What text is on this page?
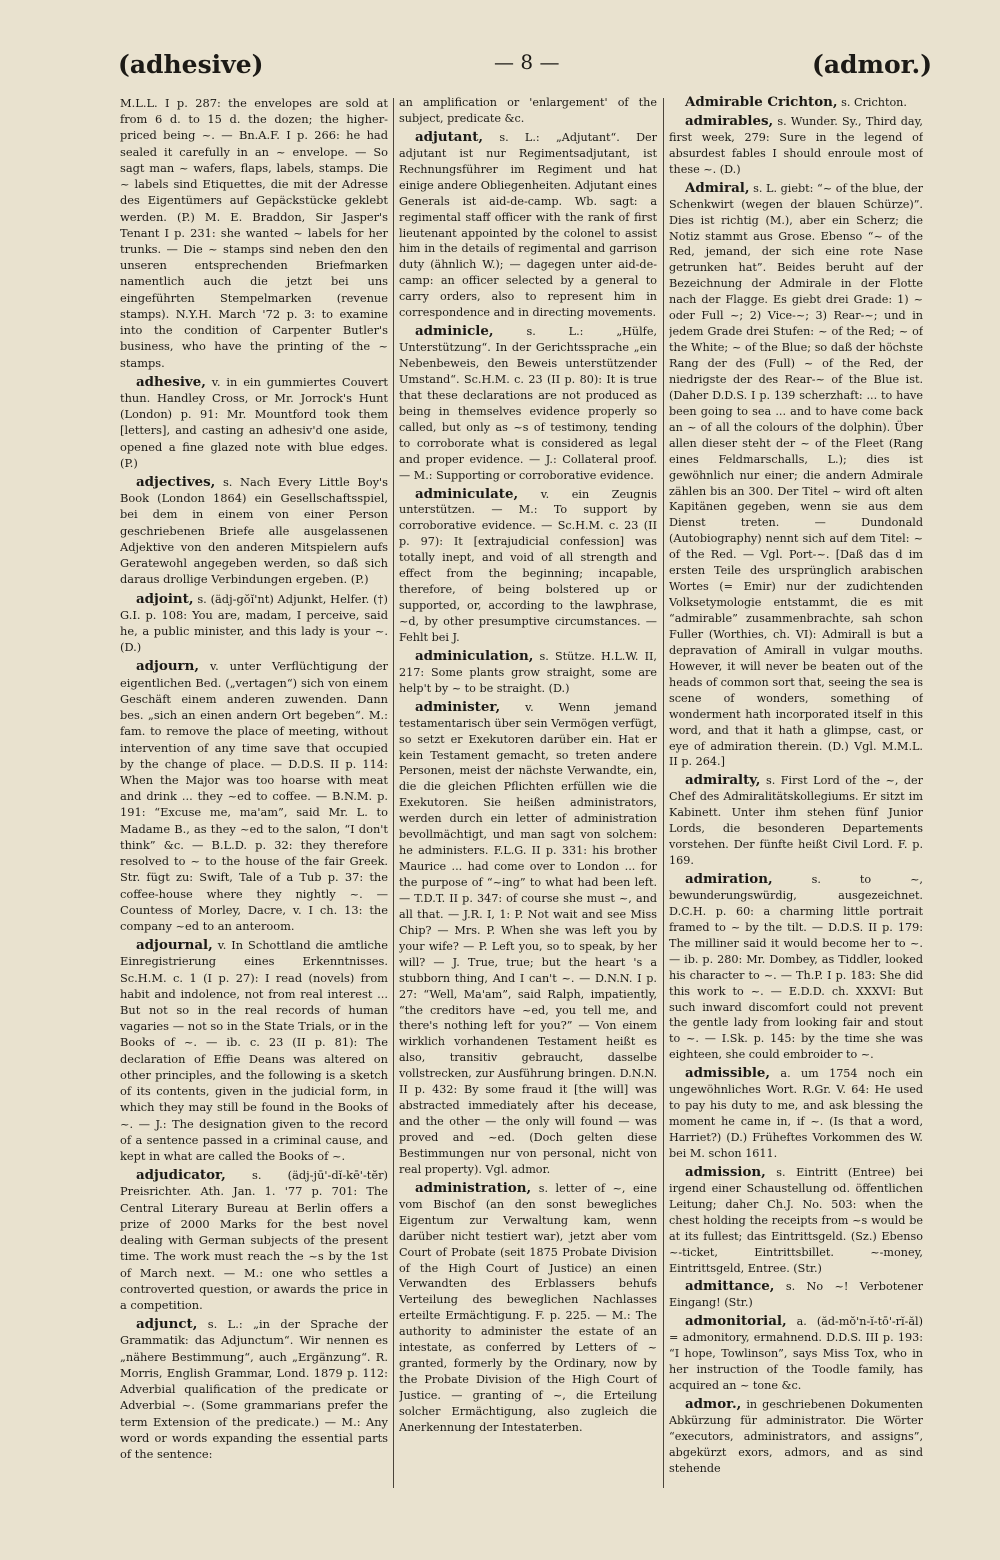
(adhesive)	— 8 —	(admor.)

M.L.L. I p. 287: the envelopes are sold at from 6 d. to 15 d. the dozen; the higher-priced being ~. — Bn.A.F. I p. 266: he had sealed it carefully in an ~ envelope. — So sagt man ~ wafers, flaps, labels, stamps. Die ~ labels sind Etiquettes, die mit der Adresse des Eigentümers auf Gepäckstücke geklebt werden. (P.) M. E. Braddon, Sir Jasper's Tenant I p. 231: she wanted ~ labels for her trunks. — Die ~ stamps sind neben den den unseren entsprechenden Briefmarken namentlich auch die jetzt bei uns eingeführten Stempelmarken (revenue stamps). N.Y.H. March '72 p. 3: to examine into the condition of Carpenter Butler's business, who have the printing of the ~ stamps.

adhesive, v. in ein gummiertes Couvert thun. Handley Cross, or Mr. Jorrock's Hunt (London) p. 91: Mr. Mountford took them [letters], and casting an adhesiv'd one aside, opened a fine glazed note with blue edges. (P.)

adjectives, s. Nach Every Little Boy's Book (London 1864) ein Gesellschaftsspiel, bei dem in einem von einer Person geschriebenen Briefe alle ausgelassenen Adjektive von den anderen Mitspielern aufs Geratewohl angegeben werden, so daß sich daraus drollige Verbindungen ergeben. (P.)

adjoint, s. (ädj-gŏĭ'nt) Adjunkt, Helfer. (†) G.I. p. 108: You are, madam, I perceive, said he, a public minister, and this lady is your ~. (D.)

adjourn, v. unter Verflüchtigung der eigentlichen Bed. („vertagen“) sich von einem Geschäft einem anderen zuwenden. Dann bes. „sich an einen andern Ort begeben“. M.: fam. to remove the place of meeting, without intervention of any time save that occupied by the change of place. — D.D.S. II p. 114: When the Major was too hoarse with meat and drink ... they ~ed to coffee. — B.N.M. p. 191: “Excuse me, ma'am”, said Mr. L. to Madame B., as they ~ed to the salon, “I don't think” &c. — B.L.D. p. 32: they therefore resolved to ~ to the house of the fair Greek. Str. fügt zu: Swift, Tale of a Tub p. 37: the coffee-house where they nightly ~. — Countess of Morley, Dacre, v. I ch. 13: the company ~ed to an anteroom.

adjournal, v. In Schottland die amtliche Einregistrierung eines Erkenntnisses. Sc.H.M. c. 1 (I p. 27): I read (novels) from habit and indolence, not from real interest ... But not so in the real records of human vagaries — not so in the State Trials, or in the Books of ~. — ib. c. 23 (II p. 81): The declaration of Effie Deans was altered on other principles, and the following is a sketch of its contents, given in the judicial form, in which they may still be found in the Books of ~. — J.: The designation given to the record of a sentence passed in a criminal cause, and kept in what are called the Books of ~.

adjudicator, s. (ädj-jū'-dĭ-kē'-tĕr) Preisrichter. Ath. Jan. 1. '77 p. 701: The Central Literary Bureau at Berlin offers a prize of 2000 Marks for the best novel dealing with German subjects of the present time. The work must reach the ~s by the 1st of March next. — M.: one who settles a controverted question, or awards the price in a competition.

adjunct, s. L.: „in der Sprache der Grammatik: das Adjunctum“. Wir nennen es „nähere Bestimmung“, auch „Ergänzung“. R. Morris, English Grammar, Lond. 1879 p. 112: Adverbial qualification of the predicate or Adverbial ~. (Some grammarians prefer the term Extension of the predicate.) — M.: Any word or words expanding the essential parts of the sentence:

an amplification or 'enlargement' of the subject, predicate &c.

adjutant, s. L.: „Adjutant“. Der adjutant ist nur Regimentsadjutant, ist Rechnungsführer im Regiment und hat einige andere Obliegenheiten. Adjutant eines Generals ist aid-de-camp. Wb. sagt: a regimental staff officer with the rank of first lieutenant appointed by the colonel to assist him in the details of regimental and garrison duty (ähnlich W.); — dagegen unter aid-de-camp: an officer selected by a general to carry orders, also to represent him in correspondence and in directing movements.

adminicle,	s. L.: „Hülfe, Unterstützung“. In der Gerichtssprache „ein Nebenbeweis, den Beweis unterstützender Umstand“. Sc.H.M. c. 23 (II p. 80): It is true that these declarations are not produced as being in themselves evidence properly so called, but only as ~s of testimony, tending to corroborate what is considered as legal and proper evidence. — J.: Collateral proof. — M.: Supporting or corroborative evidence.

adminiculate, v. ein Zeugnis unterstützen. — M.: To support by corroborative evidence. — Sc.H.M. c. 23 (II p. 97): It [extrajudicial confession] was totally inept, and void of all strength and effect from the beginning; incapable, therefore, of being bolstered up or supported, or, according to the lawphrase, ~d, by other presumptive circumstances. — Fehlt bei J.

adminiculation, s. Stütze. H.L.W. II, 217: Some plants grow straight, some are help't by ~ to be straight. (D.)

administer, v. Wenn jemand testamentarisch über sein Vermögen verfügt, so setzt er Exekutoren darüber ein. Hat er kein Testament gemacht, so treten andere Personen, meist der nächste Verwandte, ein, die die gleichen Pflichten erfüllen wie die Exekutoren. Sie heißen administrators, werden durch ein letter of administration bevollmächtigt, und man sagt von solchem: he administers. F.L.G. II p. 331: his brother Maurice ... had come over to London ... for the purpose of “~ing” to what had been left. — T.D.T. II p. 347: of course she must ~, and all that. — J.R. I, 1: P. Not wait and see Miss Chip? — Mrs. P. When she was left you by your wife? — P. Left you, so to speak, by her will? — J. True, true; but the heart 's a stubborn thing, And I can't ~. — D.N.N. I p. 27: “Well, Ma'am”, said Ralph, impatiently, “the creditors have ~ed, you tell me, and there's nothing left for you?” — Von einem wirklich vorhandenen Testament heißt es also, transitiv gebraucht, dasselbe vollstrecken, zur Ausführung bringen. D.N.N. II p. 432: By some fraud it [the will] was abstracted immediately after his decease, and the other — the only will found — was proved and ~ed. (Doch gelten diese Bestimmungen nur von personal, nicht von real property). Vgl. admor.

administration, s. letter of ~, eine vom Bischof (an den sonst bewegliches Eigentum zur Verwaltung kam, wenn darüber nicht testiert war), jetzt aber vom Court of Probate (seit 1875 Probate Division of the High Court of Justice) an einen Verwandten des Erblassers behufs Verteilung des beweglichen Nachlasses erteilte Ermächtigung. F. p. 225. — M.: The authority to administer the estate of an intestate, as conferred by Letters of ~ granted, formerly by the Ordinary, now by the Probate Division of the High Court of Justice. — granting of ~, die Erteilung solcher Ermächtigung, also zugleich die Anerkennung der Intestaterben.

Admirable Crichton, s. Crichton.

admirables, s. Wunder. Sy., Third day, first week, 279: Sure in the legend of absurdest fables I should enroule most of these ~. (D.)

Admiral, s. L. giebt: “~ of the blue, der Schenkwirt (wegen der blauen Schürze)”. Dies ist richtig (M.), aber ein Scherz; die Notiz stammt aus Grose. Ebenso “~ of the Red, jemand, der sich eine rote Nase getrunken hat”. Beides beruht auf der Bezeichnung der Admirale in der Flotte nach der Flagge. Es giebt drei Grade: 1) ~ oder Full ~; 2) Vice-~; 3) Rear-~; und in jedem Grade drei Stufen: ~ of the Red; ~ of the White; ~ of the Blue; so daß der höchste Rang der des (Full) ~ of the Red, der niedrigste der des Rear-~ of the Blue ist. (Daher D.D.S. I p. 139 scherzhaft: ... to have been going to sea ... and to have come back an ~ of all the colours of the dolphin). Über allen dieser steht der ~ of the Fleet (Rang eines Feldmarschalls, L.); dies ist gewöhnlich nur einer; die andern Admirale zählen bis an 300. Der Titel ~ wird oft alten Kapitänen gegeben, wenn sie aus dem Dienst treten. — Dundonald (Autobiography) nennt sich auf dem Titel: ~ of the Red. — Vgl. Port-~. [Daß das d im ersten Teile des ursprünglich arabischen Wortes (= Emir) nur der zudichtenden Volksetymologie entstammt, die es mit “admirable” zusammenbrachte, sah schon Fuller (Worthies, ch. VI): Admirall is but a depravation of Amirall in vulgar mouths. However, it will never be beaten out of the heads of common sort that, seeing the sea is scene of wonders, something of wonderment hath incorporated itself in this word, and that it hath a glimpse, cast, or eye of admiration therein. (D.) Vgl. M.M.L. II p. 264.]

admiralty, s. First Lord of the ~, der Chef des Admiralitätskollegiums. Er sitzt im Kabinett. Unter ihm stehen fünf Junior Lords, die besonderen Departements vorstehen. Der fünfte heißt Civil Lord. F. p. 169.

admiration,	s. to ~, bewunderungswürdig, ausgezeichnet. D.C.H. p. 60: a charming little portrait framed to ~ by the tilt. — D.D.S. II p. 179: The milliner said it would become her to ~. — ib. p. 280: Mr. Dombey, as Tiddler, looked his character to ~. — Th.P. I p. 183: She did this work to ~. — E.D.D. ch. XXXVI: But such inward discomfort could not prevent the gentle lady from looking fair and stout to ~. — I.Sk. p. 145: by the time she was eighteen, she could embroider to ~.

admissible, a. um 1754 noch ein ungewöhnliches Wort. R.Gr. V. 64: He used to pay his duty to me, and ask blessing the moment he came in, if ~. (Is that a word, Harriet?) (D.) Früheftes Vorkommen des W. bei M. schon 1611.

admission, s. Eintritt (Entree) bei irgend einer Schaustellung od. öffentlichen Leitung; daher Ch.J. No. 503: when the chest holding the receipts from ~s would be at its fullest; das Eintrittsgeld. (Sz.) Ebenso ~-ticket, Eintrittsbillet. ~-money, Eintrittsgeld, Entree. (Str.)

admittance, s. No ~! Verbotener Eingang! (Str.)

admonitorial, a. (ăd-mŏ'n-ĭ-tō'-rĭ-ăl) = admonitory, ermahnend. D.D.S. III p. 193: “I hope, Towlinson”, says Miss Tox, who in her instruction of the Toodle family, has acquired an ~ tone &c.

admor., in geschriebenen Dokumenten Abkürzung für administrator. Die Wörter “executors, administrators, and assigns”, abgekürzt exors, admors, and as sind stehende
